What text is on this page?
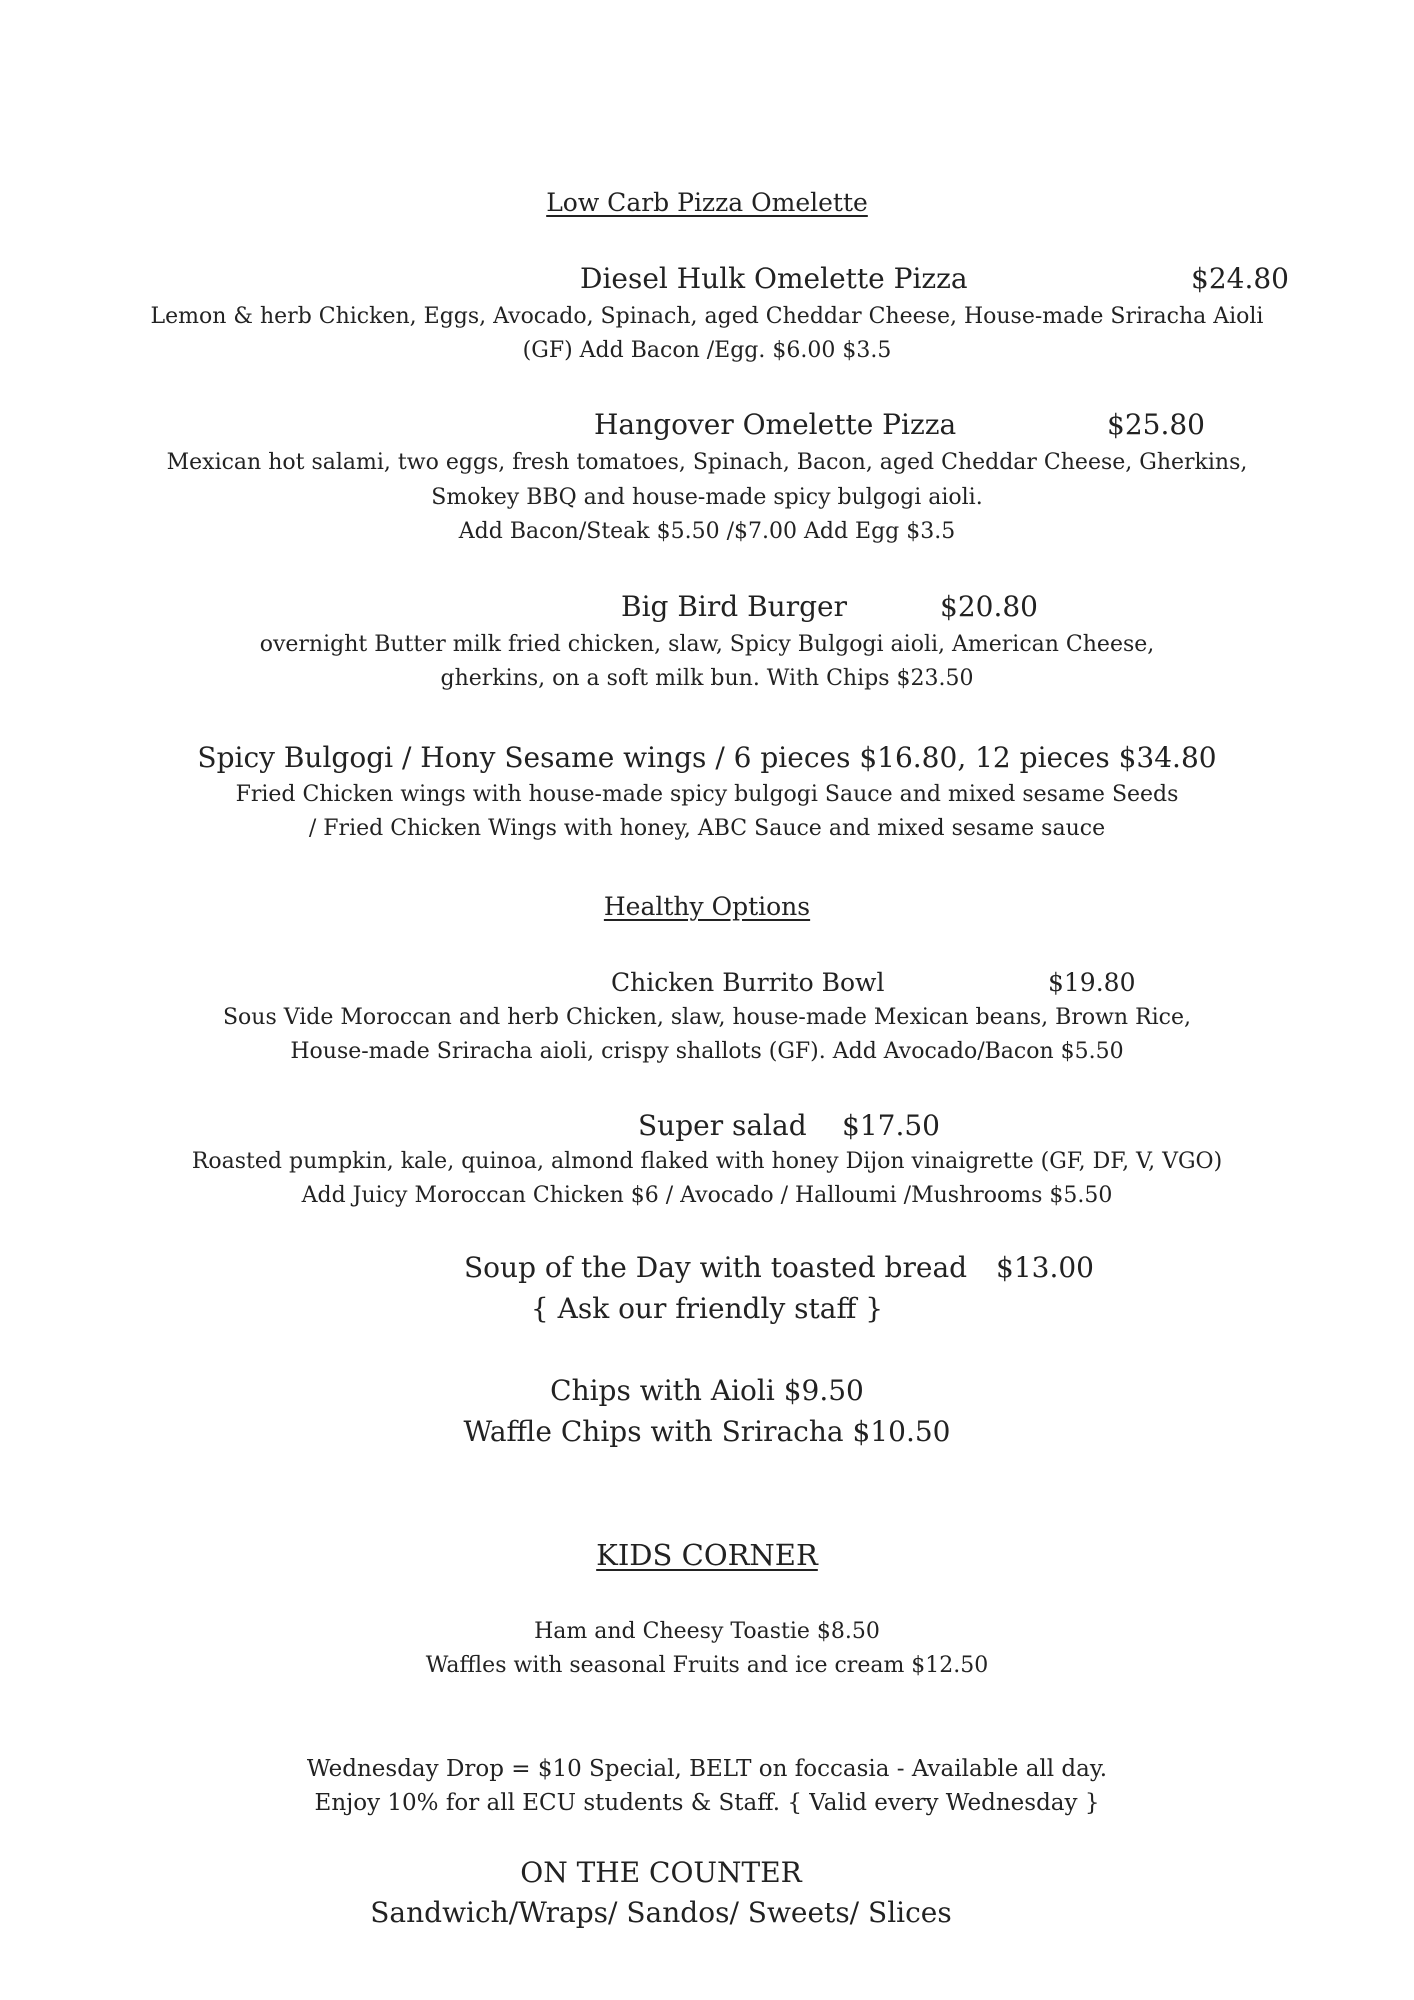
Low Carb Pizza Omelette
Diesel Hulk Omelette Pizza	$24.80
Lemon & herb Chicken, Eggs, Avocado, Spinach, aged Cheddar Cheese, House-made Sriracha Aioli
(GF) Add Bacon /Egg. $6.00 $3.5
Hangover Omelette Pizza	$25.80
Mexican hot salami, two eggs, fresh tomatoes, Spinach, Bacon, aged Cheddar Cheese, Gherkins,
Smokey BBQ and house-made spicy bulgogi aioli.
Add Bacon/Steak $5.50 /$7.00 Add Egg $3.5
Big Bird Burger	$20.80
overnight Butter milk fried chicken, slaw, Spicy Bulgogi aioli, American Cheese,
gherkins, on a soft milk bun. With Chips $23.50
Spicy Bulgogi / Hony Sesame wings / 6 pieces $16.80, 12 pieces $34.80
Fried Chicken wings with house-made spicy bulgogi Sauce and mixed sesame Seeds
/ Fried Chicken Wings with honey, ABC Sauce and mixed sesame sauce
Healthy Options
Chicken Burrito Bowl	$19.80
Sous Vide Moroccan and herb Chicken, slaw, house-made Mexican beans, Brown Rice,
House-made Sriracha aioli, crispy shallots (GF). Add Avocado/Bacon $5.50
Super salad $17.50
Roasted pumpkin, kale, quinoa, almond flaked with honey Dijon vinaigrette (GF, DF, V, VGO)
Add Juicy Moroccan Chicken $6 / Avocado / Halloumi /Mushrooms $5.50
Soup of the Day with toasted bread $13.00
{ Ask our friendly staff }
Chips with Aioli $9.50
Waffle Chips with Sriracha $10.50
KIDS CORNER
Ham and Cheesy Toastie $8.50
Waffles with seasonal Fruits and ice cream $12.50
Wednesday Drop = $10 Special, BELT on foccasia - Available all day.
Enjoy 10% for all ECU students & Staff. { Valid every Wednesday }
ON THE COUNTER
Sandwich/Wraps/ Sandos/ Sweets/ Slices
